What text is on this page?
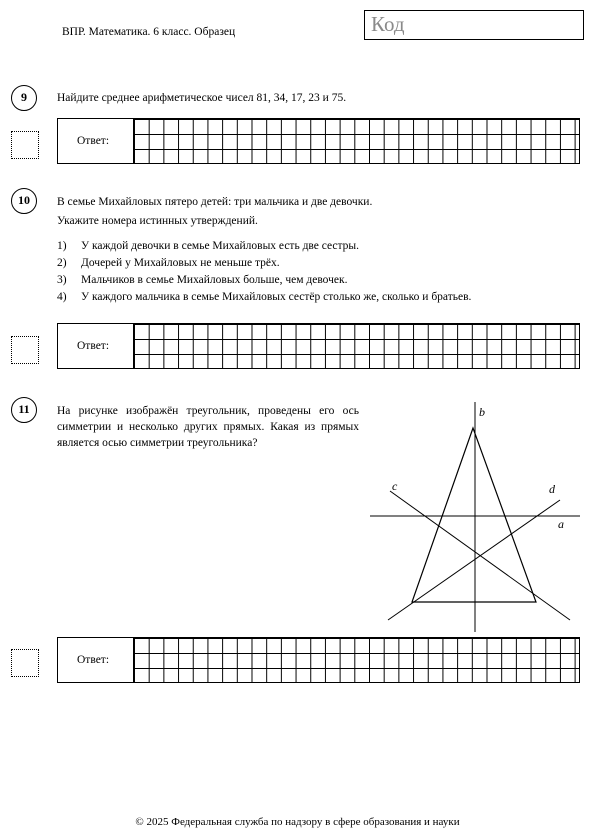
ВПР. Математика. 6 класс. Образец	Код
9	Найдите среднее арифметическое чисел 81, 34, 17, 23 и 75.
Ответ:
10	В семье Михайловых пятеро детей: три мальчика и две девочки.
Укажите номера истинных утверждений.
1)	У каждой девочки в семье Михайловых есть две сестры.
2)	Дочерей у Михайловых не меньше трёх.
3)	Мальчиков в семье Михайловых больше, чем девочек.
4)	У каждого мальчика в семье Михайловых сестёр столько же, сколько и братьев.
Ответ:
11	На рисунке изображён треугольник, проведены его ось симметрии и несколько других прямых. Какая из прямых является осью симметрии треугольника?
b
c	d
a
Ответ:
© 2025 Федеральная служба по надзору в сфере образования и науки
